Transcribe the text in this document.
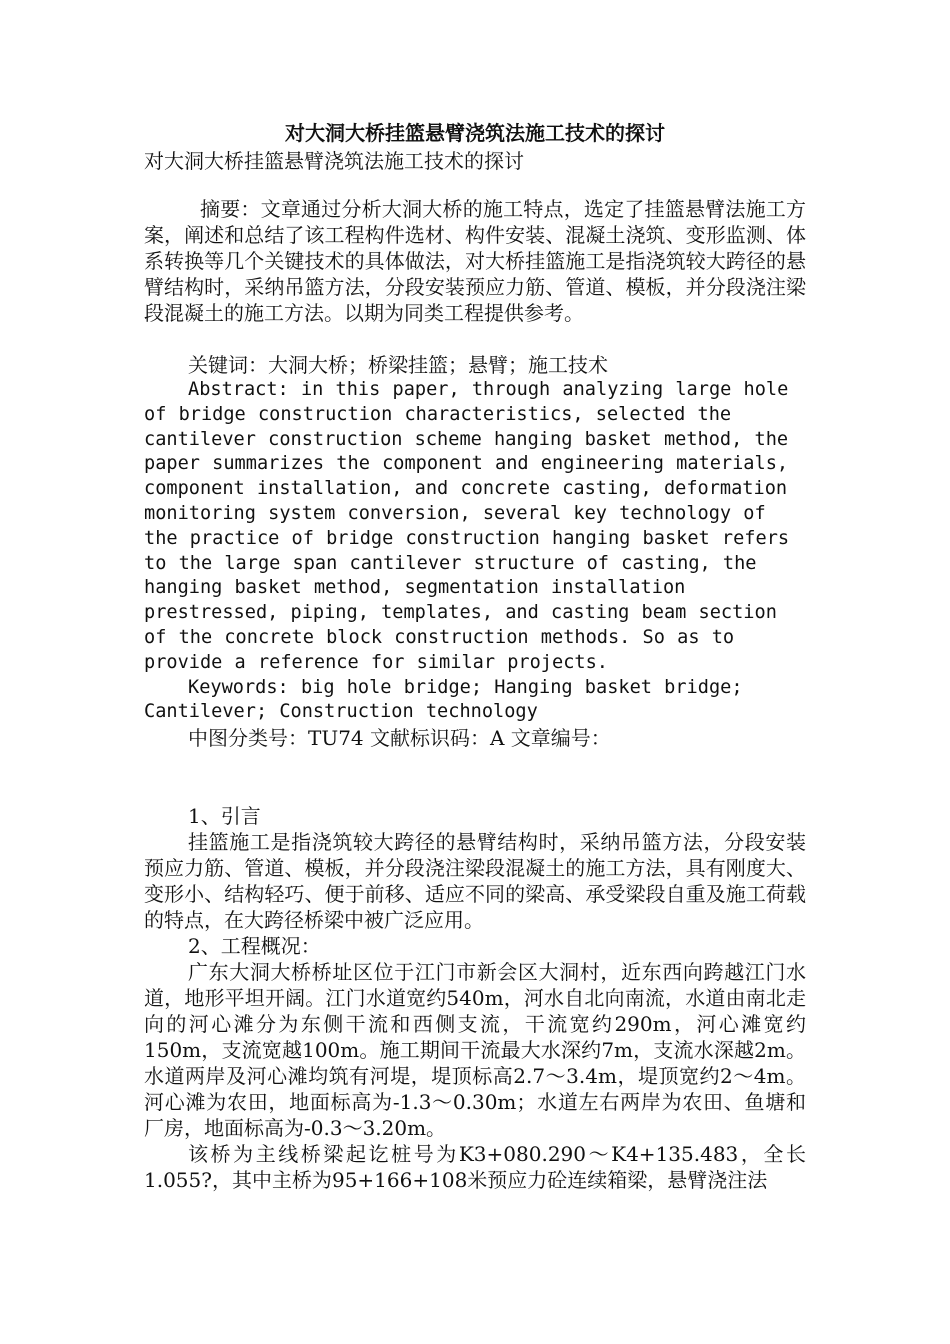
对大洞大桥挂篮悬臂浇筑法施工技术的探讨
对大洞大桥挂篮悬臂浇筑法施工技术的探讨

摘要：文章通过分析大洞大桥的施工特点，选定了挂篮悬臂法施工方案，阐述和总结了该工程构件选材、构件安装、混凝土浇筑、变形监测、体系转换等几个关键技术的具体做法，对大桥挂篮施工是指浇筑较大跨径的悬臂结构时，采纳吊篮方法，分段安装预应力筋、管道、模板，并分段浇注梁段混凝土的施工方法。以期为同类工程提供参考。

关键词：大洞大桥；桥梁挂篮；悬臂；施工技术

Abstract: in this paper, through analyzing large hole of bridge construction characteristics, selected the cantilever construction scheme hanging basket method, the paper summarizes the component and engineering materials, component installation, and concrete casting, deformation monitoring system conversion, several key technology of the practice of bridge construction hanging basket refers to the large span cantilever structure of casting, the hanging basket method, segmentation installation prestressed, piping, templates, and casting beam section of the concrete block construction methods. So as to provide a reference for similar projects.

Keywords: big hole bridge; Hanging basket bridge; Cantilever; Construction technology

中图分类号：TU74 文献标识码：A 文章编号：

1、引言

挂篮施工是指浇筑较大跨径的悬臂结构时，采纳吊篮方法，分段安装预应力筋、管道、模板，并分段浇注梁段混凝土的施工方法，具有刚度大、变形小、结构轻巧、便于前移、适应不同的梁高、承受梁段自重及施工荷载的特点，在大跨径桥梁中被广泛应用。

2、工程概况：

广东大洞大桥桥址区位于江门市新会区大洞村，近东西向跨越江门水道，地形平坦开阔。江门水道宽约540m，河水自北向南流，水道由南北走向的河心滩分为东侧干流和西侧支流，干流宽约290m，河心滩宽约150m，支流宽越100m。施工期间干流最大水深约7m，支流水深越2m。水道两岸及河心滩均筑有河堤，堤顶标高2.7～3.4m，堤顶宽约2～4m。河心滩为农田，地面标高为-1.3～0.30m；水道左右两岸为农田、鱼塘和厂房，地面标高为-0.3～3.20m。

该桥为主线桥梁起讫桩号为K3+080.290～K4+135.483，全长1.055?，其中主桥为95+166+108米预应力砼连续箱梁，悬臂浇注法
